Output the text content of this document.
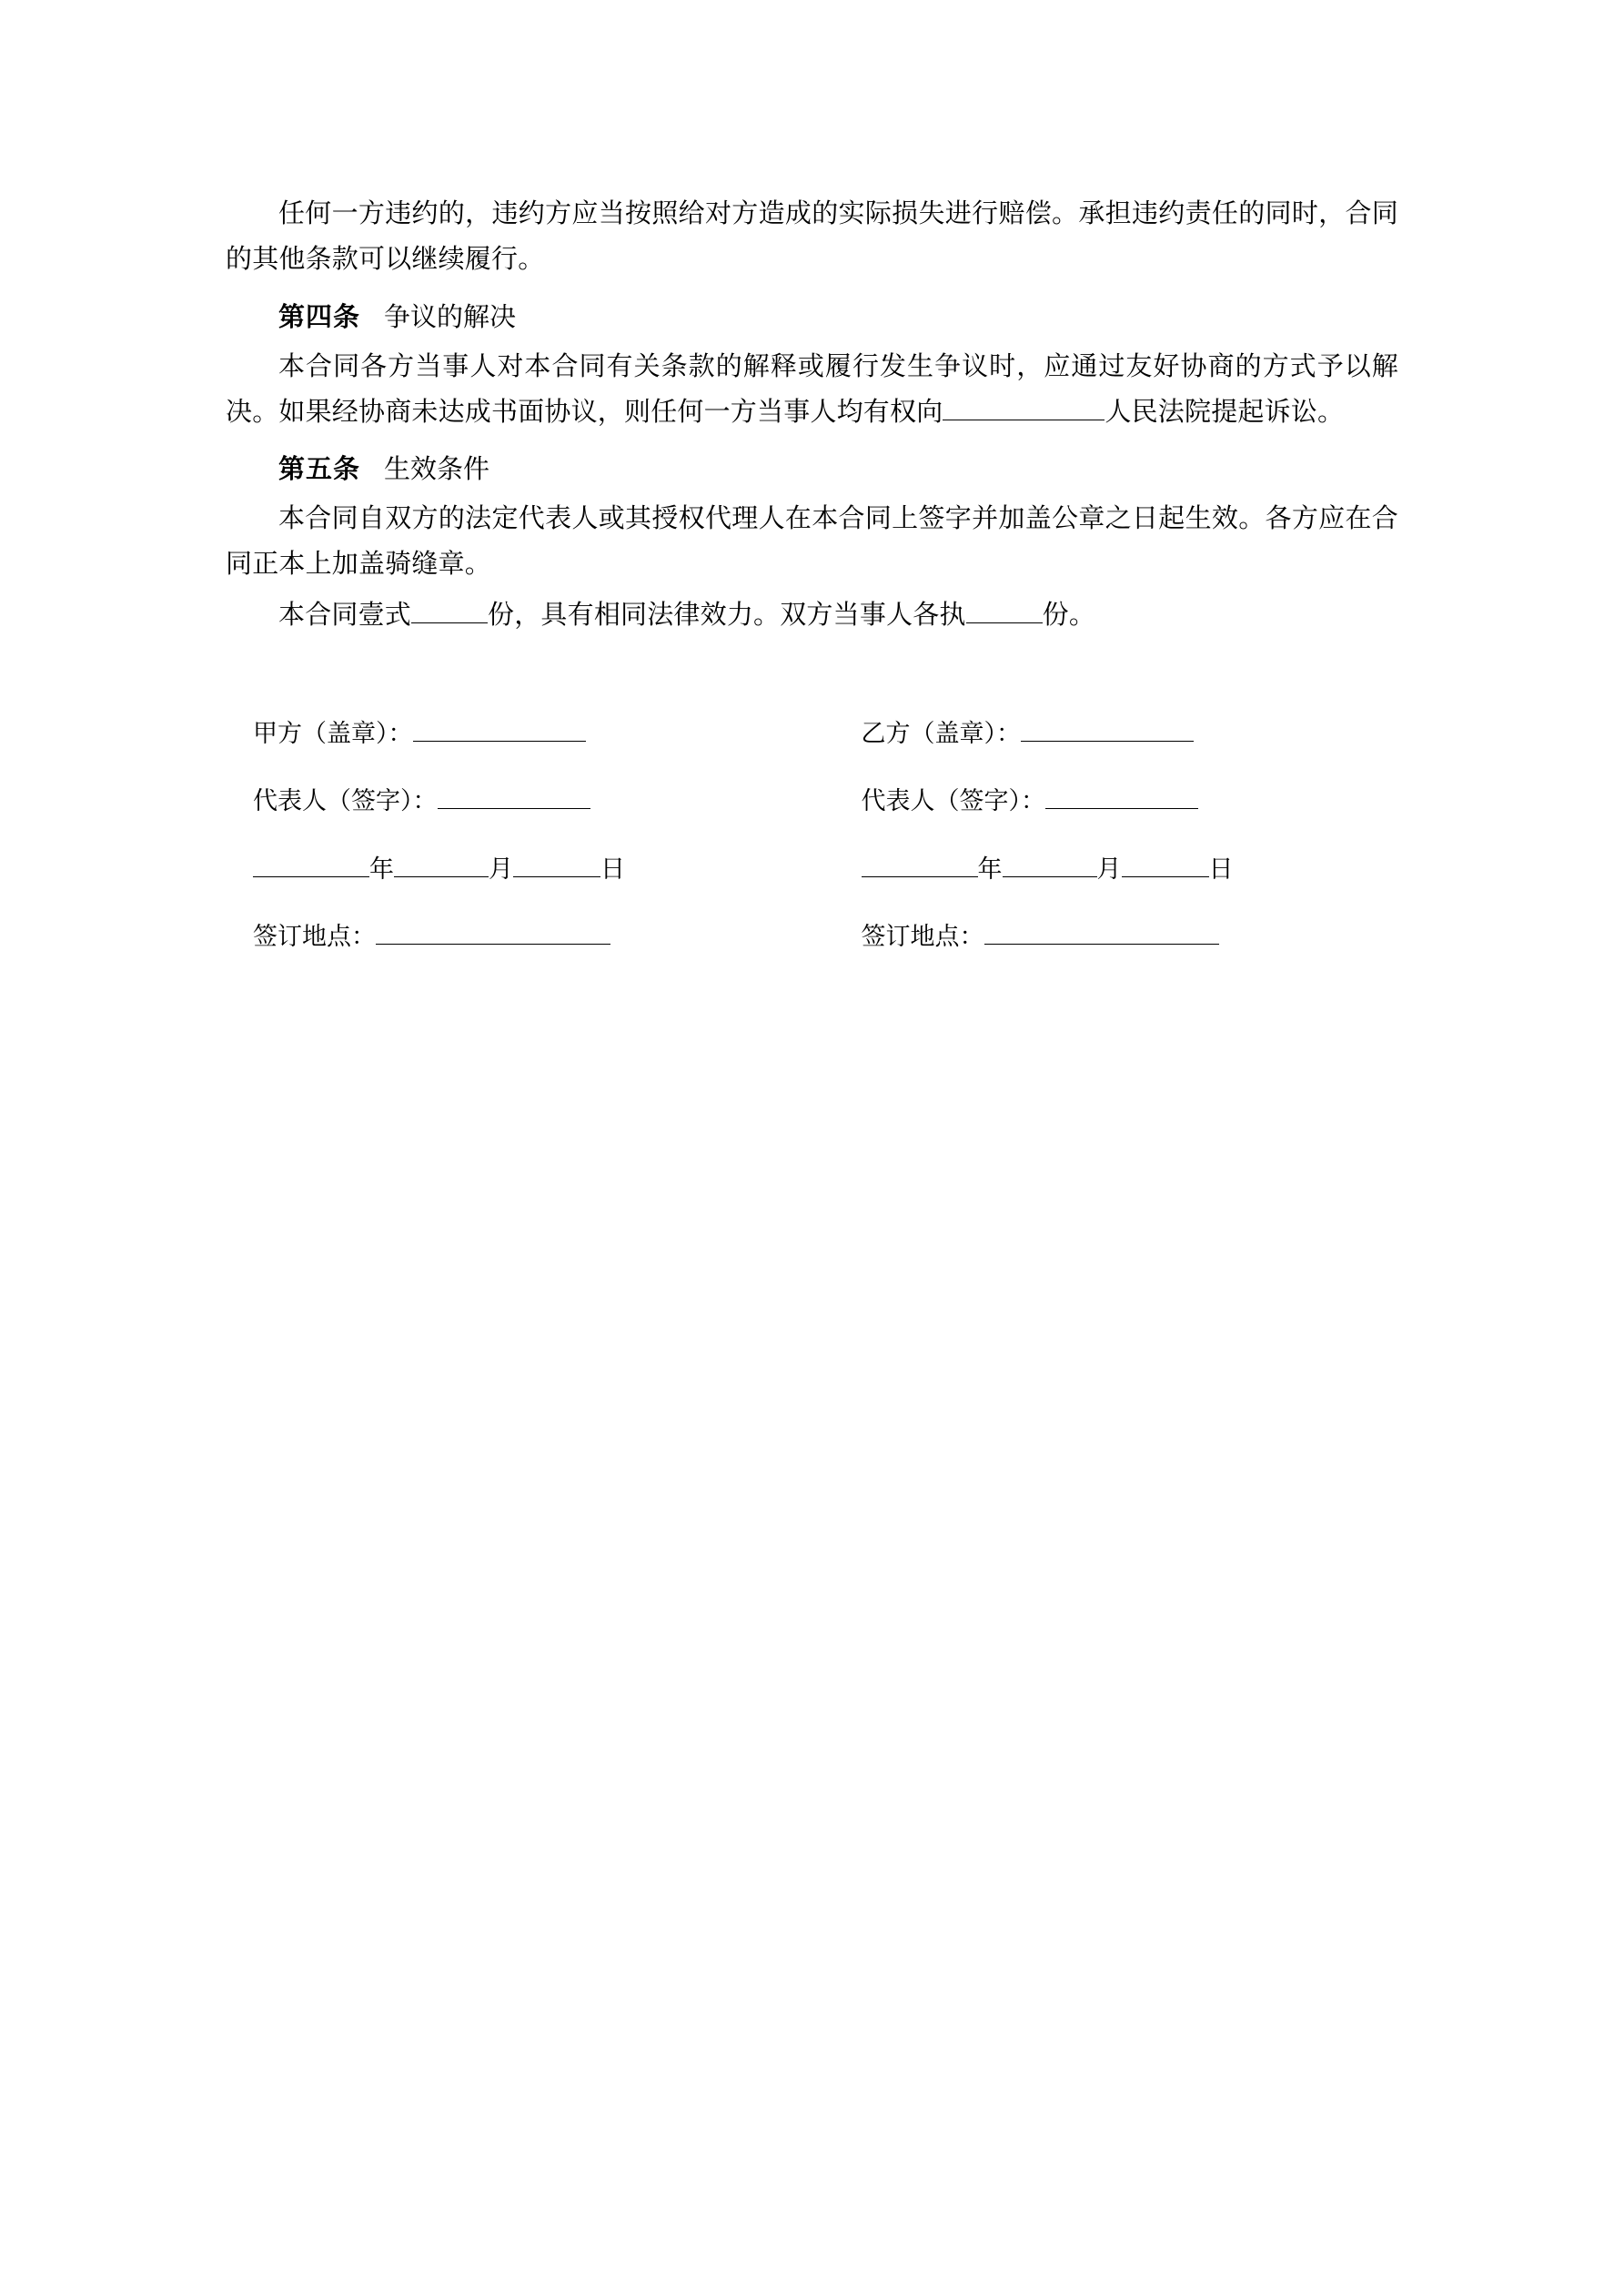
任何一方违约的，违约方应当按照给对方造成的实际损失进行赔偿。承担违约责任的同时，合同的其他条款可以继续履行。

第四条 争议的解决

本合同各方当事人对本合同有关条款的解释或履行发生争议时，应通过友好协商的方式予以解决。如果经协商未达成书面协议，则任何一方当事人均有权向	人民法院提起诉讼。

第五条 生效条件

本合同自双方的法定代表人或其授权代理人在本合同上签字并加盖公章之日起生效。各方应在合同正本上加盖骑缝章。

本合同壹式	份，具有相同法律效力。双方当事人各执	份。

甲方（盖章）：	乙方（盖章）：
代表人（签字）：	代表人（签字）：
年	月	日	年	月	日
签订地点：	签订地点：
